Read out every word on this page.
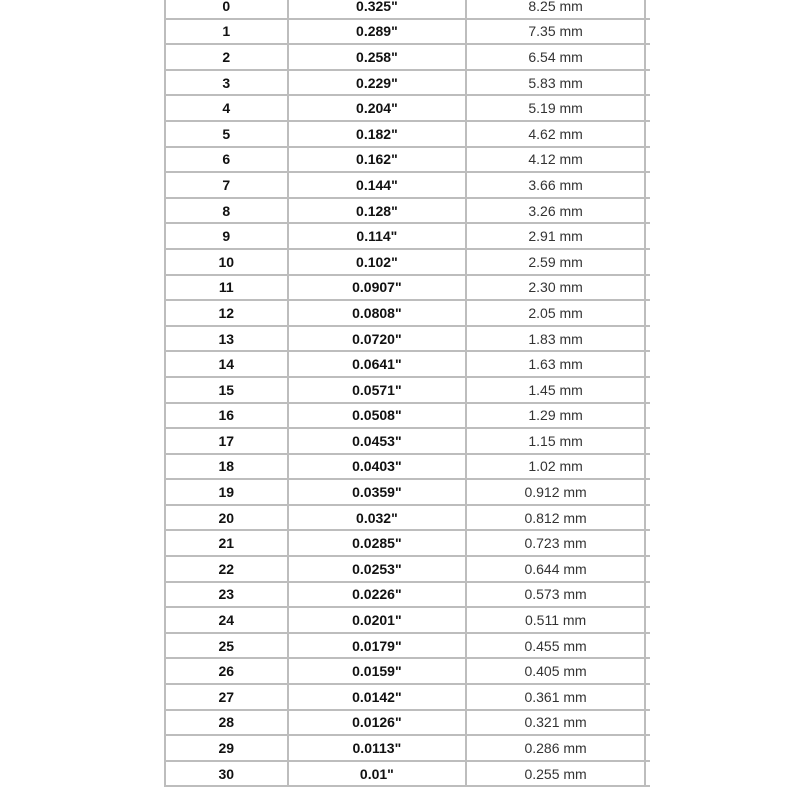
0	0.325"	8.25 mm	
1	0.289"	7.35 mm	
2	0.258"	6.54 mm	
3	0.229"	5.83 mm	
4	0.204"	5.19 mm	
5	0.182"	4.62 mm	
6	0.162"	4.12 mm	
7	0.144"	3.66 mm	
8	0.128"	3.26 mm	
9	0.114"	2.91 mm	
10	0.102"	2.59 mm	
11	0.0907"	2.30 mm	
12	0.0808"	2.05 mm	
13	0.0720"	1.83 mm	
14	0.0641"	1.63 mm	
15	0.0571"	1.45 mm	
16	0.0508"	1.29 mm	
17	0.0453"	1.15 mm	
18	0.0403"	1.02 mm	
19	0.0359"	0.912 mm	
20	0.032"	0.812 mm	
21	0.0285"	0.723 mm	
22	0.0253"	0.644 mm	
23	0.0226"	0.573 mm	
24	0.0201"	0.511 mm	
25	0.0179"	0.455 mm	
26	0.0159"	0.405 mm	
27	0.0142"	0.361 mm	
28	0.0126"	0.321 mm	
29	0.0113"	0.286 mm	
30	0.01"	0.255 mm	
